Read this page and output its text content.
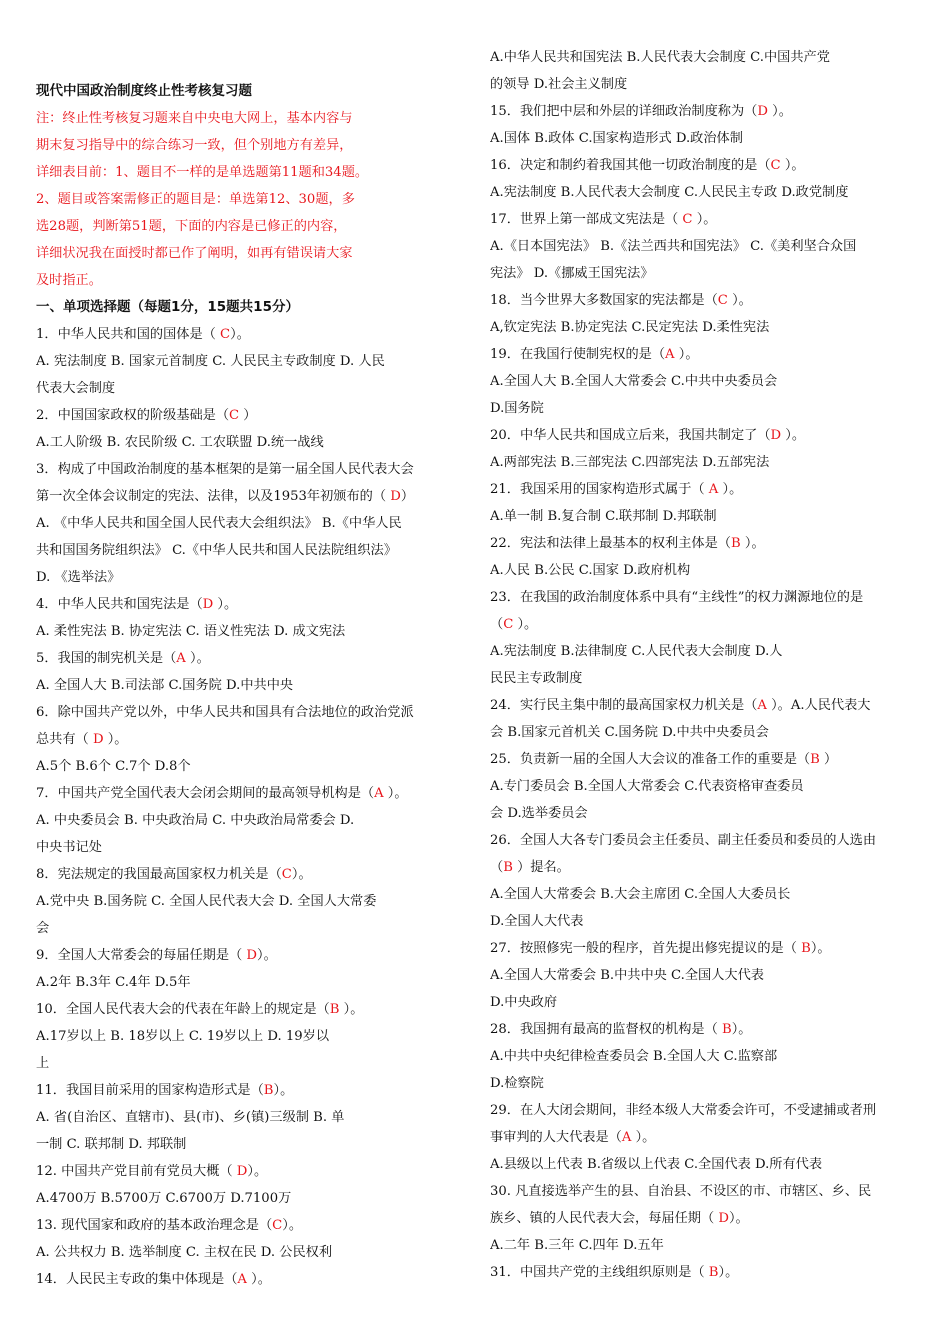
现代中国政治制度终止性考核复习题
注：终止性考核复习题来自中央电大网上，基本内容与
期末复习指导中的综合练习一致，但个别地方有差异，
详细表目前：1、题目不一样的是单选题第11题和34题。
2、题目或答案需修正的题目是：单选第12、30题，多
选28题，判断第51题，下面的内容是已修正的内容，
详细状况我在面授时都已作了阐明，如再有错误请大家
及时指正。
一、单项选择题（每题1分，15题共15分）
1．中华人民共和国的国体是（ C）。
A. 宪法制度 B. 国家元首制度 C. 人民民主专政制度 D. 人民
代表大会制度
2．中国国家政权的阶级基础是（C ）
A.工人阶级 B. 农民阶级 C. 工农联盟 D.统一战线
3．构成了中国政治制度的基本框架的是第一届全国人民代表大会
第一次全体会议制定的宪法、法律，以及1953年初颁布的（ D）
A. 《中华人民共和国全国人民代表大会组织法》 B.《中华人民
共和国国务院组织法》 C.《中华人民共和国人民法院组织法》
D. 《选举法》
4．中华人民共和国宪法是（D ）。
A. 柔性宪法 B. 协定宪法 C. 语义性宪法 D. 成文宪法
5．我国的制宪机关是（A ）。
A. 全国人大 B.司法部 C.国务院 D.中共中央
6．除中国共产党以外，中华人民共和国具有合法地位的政治党派
总共有（ D ）。
A.5个 B.6个 C.7个 D.8个
7．中国共产党全国代表大会闭会期间的最高领导机构是（A ）。
A. 中央委员会 B. 中央政治局 C. 中央政治局常委会 D.
中央书记处
8．宪法规定的我国最高国家权力机关是（C）。
A.党中央 B.国务院 C. 全国人民代表大会 D. 全国人大常委
会
9．全国人大常委会的每届任期是（ D）。
A.2年 B.3年 C.4年 D.5年
10．全国人民代表大会的代表在年龄上的规定是（B ）。
A.17岁以上 B. 18岁以上 C. 19岁以上 D. 19岁以
上
11．我国目前采用的国家构造形式是（B）。
A. 省(自治区、直辖市)、县(市)、乡(镇)三级制 B. 单
一制 C. 联邦制 D. 邦联制
12. 中国共产党目前有党员大概（ D）。
A.4700万 B.5700万 C.6700万 D.7100万
13. 现代国家和政府的基本政治理念是（C）。
A. 公共权力 B. 选举制度 C. 主权在民 D. 公民权利
14．人民民主专政的集中体现是（A ）。
A.中华人民共和国宪法 B.人民代表大会制度 C.中国共产党
的领导 D.社会主义制度
15．我们把中层和外层的详细政治制度称为（D ）。
A.国体 B.政体 C.国家构造形式 D.政治体制
16．决定和制约着我国其他一切政治制度的是（C ）。
A.宪法制度 B.人民代表大会制度 C.人民民主专政 D.政党制度
17．世界上第一部成文宪法是（ C ）。
A.《日本国宪法》 B.《法兰西共和国宪法》 C.《美利坚合众国
宪法》 D.《挪威王国宪法》
18．当今世界大多数国家的宪法都是（C ）。
A,钦定宪法 B.协定宪法 C.民定宪法 D.柔性宪法
19．在我国行使制宪权的是（A ）。
A.全国人大 B.全国人大常委会 C.中共中央委员会
D.国务院
20．中华人民共和国成立后来，我国共制定了（D ）。
A.两部宪法 B.三部宪法 C.四部宪法 D.五部宪法
21．我国采用的国家构造形式属于（ A ）。
A.单一制 B.复合制 C.联邦制 D.邦联制
22．宪法和法律上最基本的权利主体是（B ）。
A.人民 B.公民 C.国家 D.政府机构
23．在我国的政治制度体系中具有“主线性”的权力渊源地位的是
（C ）。
A.宪法制度 B.法律制度 C.人民代表大会制度 D.人
民民主专政制度
24．实行民主集中制的最高国家权力机关是（A ）。A.人民代表大
会 B.国家元首机关 C.国务院 D.中共中央委员会
25．负责新一届的全国人大会议的准备工作的重要是（B ）
A.专门委员会 B.全国人大常委会 C.代表资格审查委员
会 D.选举委员会
26．全国人大各专门委员会主任委员、副主任委员和委员的人选由
（B ）提名。
A.全国人大常委会 B.大会主席团 C.全国人大委员长
D.全国人大代表
27．按照修宪一般的程序，首先提出修宪提议的是（ B）。
A.全国人大常委会 B.中共中央 C.全国人大代表
D.中央政府
28．我国拥有最高的监督权的机构是（ B）。
A.中共中央纪律检查委员会 B.全国人大 C.监察部
D.检察院
29．在人大闭会期间，非经本级人大常委会许可，不受逮捕或者刑
事审判的人大代表是（A ）。
A.县级以上代表 B.省级以上代表 C.全国代表 D.所有代表
30. 凡直接选举产生的县、自治县、不设区的市、市辖区、乡、民
族乡、镇的人民代表大会，每届任期（ D）。
A.二年 B.三年 C.四年 D.五年
31．中国共产党的主线组织原则是（ B）。
